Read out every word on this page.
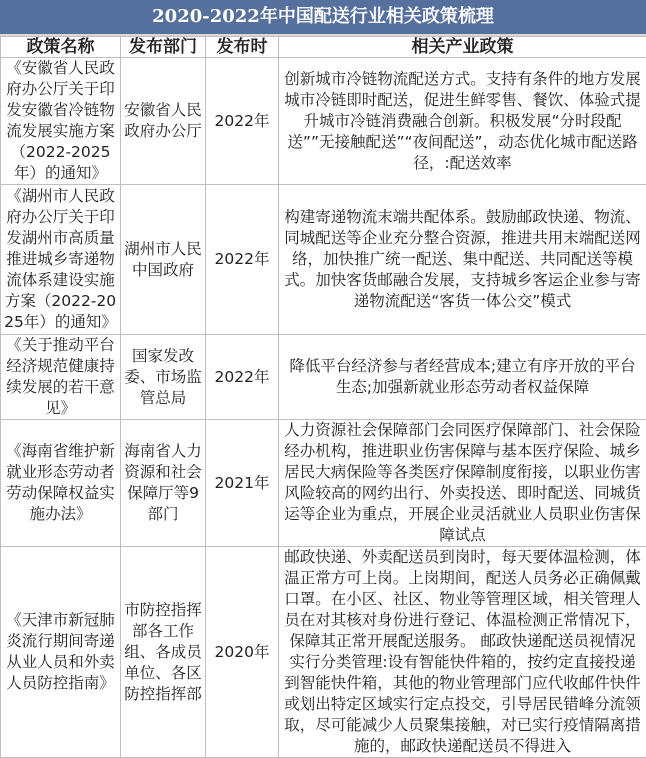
2020-2022年中国配送行业相关政策梳理
政策名称	发布部门	发布时	相关产业政策
《安徽省人民政府办公厅关于印发安徽省冷链物流发展实施方案（2022-2025年）的通知》	安徽省人民政府办公厅	2022年	创新城市冷链物流配送方式。支持有条件的地方发展城市冷链即时配送，促进生鲜零售、餐饮、体验式提升城市冷链消费融合创新。积极发展“分时段配送””无接触配送”“夜间配送”，动态优化城市配送路径，:配送效率
《湖州市人民政府办公厅关于印发湖州市高质量推进城乡寄递物流体系建设实施方案（2022-2025年）的通知》	湖州市人民中国政府	2022年	构建寄递物流末端共配体系。鼓励邮政快递、物流、同城配送等企业充分整合资源，推进共用末端配送网络，加快推广统一配送、集中配送、共同配送等模式。加快客货邮融合发展，支持城乡客运企业参与寄递物流配送“客货一体公交”模式
《关于推动平台经济规范健康持续发展的若干意见》	国家发改委、市场监管总局	2022年	降低平台经济参与者经营成本;建立有序开放的平台生态;加强新就业形态劳动者权益保障
《海南省维护新就业形态劳动者劳动保障权益实施办法》	海南省人力资源和社会保障厅等9部门	2021年	人力资源社会保障部门会同医疗保障部门、社会保险经办机构，推进职业伤害保障与基本医疗保险、城乡居民大病保险等各类医疗保障制度衔接，以职业伤害风险较高的网约出行、外卖投送、即时配送、同城货运等企业为重点，开展企业灵活就业人员职业伤害保障试点
《天津市新冠肺炎流行期间寄递从业人员和外卖人员防控指南》	市防控指挥部各工作组、各成员单位、各区防控指挥部	2020年	邮政快递、外卖配送员到岗时，每天要体温检测，体温正常方可上岗。上岗期间，配送人员务必正确佩戴口罩。在小区、社区、物业等管理区域，相关管理人员在对其核对身份进行登记、体温检测正常情况下，保障其正常开展配送服务。 邮政快递配送员视情况实行分类管理:设有智能快件箱的，按约定直接投递到智能快件箱，其他的物业管理部门应代收邮件快件或划出特定区域实行定点投交，引导居民错峰分流领取，尽可能减少人员聚集接触，对已实行疫情隔离措施的，邮政快递配送员不得进入
